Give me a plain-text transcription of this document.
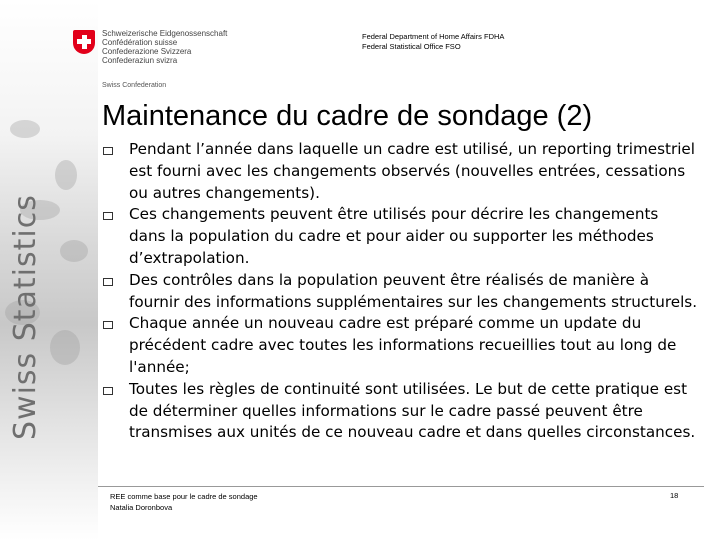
Swiss Statistics
Schweizerische Eidgenossenschaft
Confédération suisse
Confederazione Svizzera
Confederaziun svizra
Swiss Confederation
Federal Department of Home Affairs FDHA
Federal Statistical Office FSO
Maintenance du cadre de sondage (2)
Pendant l’année dans laquelle un cadre est utilisé, un reporting trimestriel est fourni avec les changements observés (nouvelles entrées, cessations ou autres changements).
Ces changements peuvent être utilisés pour décrire les changements dans la population du cadre et pour aider ou supporter les méthodes d’extrapolation.
Des contrôles dans la population peuvent être réalisés de manière à fournir des informations supplémentaires sur les changements structurels.
Chaque année un nouveau cadre est préparé comme un update du précédent cadre avec toutes les informations recueillies tout au long de l'année;
Toutes les règles de continuité sont utilisées. Le but de cette pratique est de déterminer quelles informations sur le cadre passé peuvent être transmises aux unités de ce nouveau cadre et dans quelles circonstances.
REE comme base pour le cadre de sondage
Natalia Doronbova
18
